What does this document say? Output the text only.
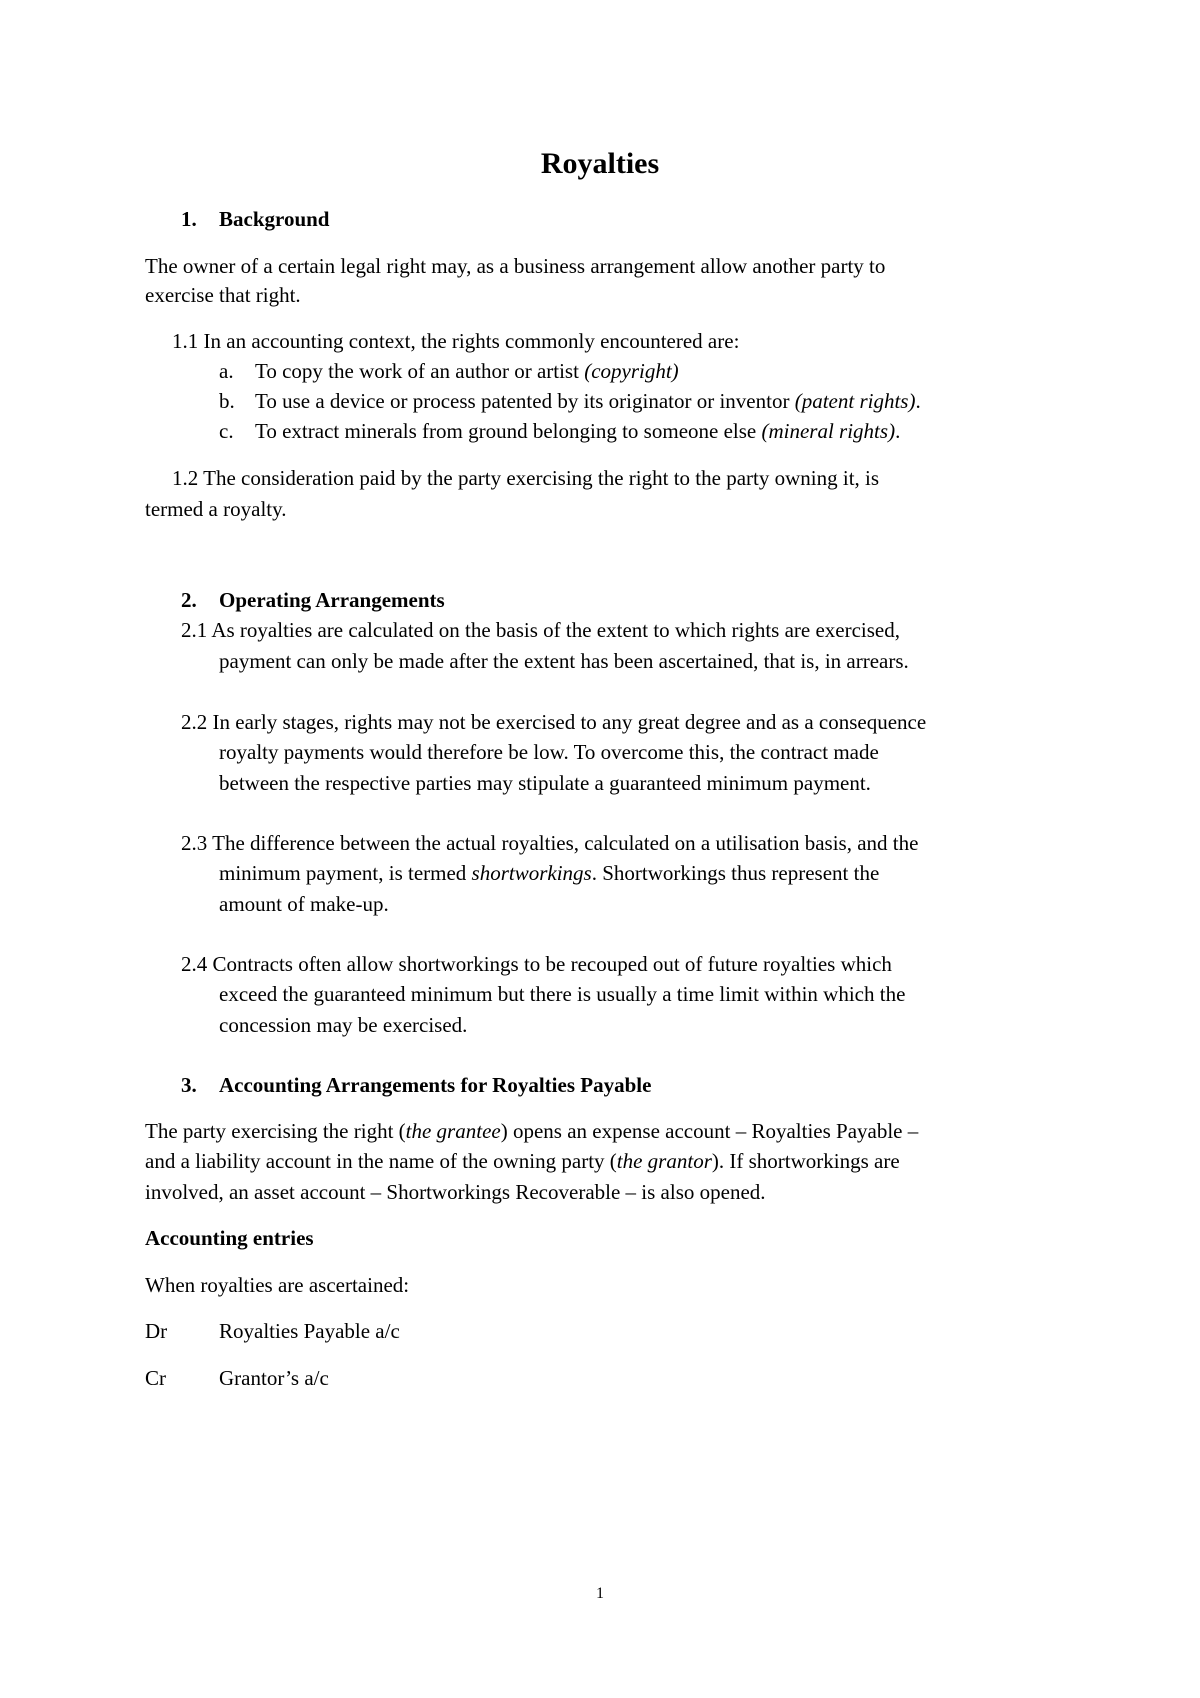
Royalties
1. Background
The owner of a certain legal right may, as a business arrangement allow another party to
exercise that right.
1.1 In an accounting context, the rights commonly encountered are:
a. To copy the work of an author or artist (copyright)
b. To use a device or process patented by its originator or inventor (patent rights).
c. To extract minerals from ground belonging to someone else (mineral rights).
1.2 The consideration paid by the party exercising the right to the party owning it, is
termed a royalty.
2. Operating Arrangements
2.1 As royalties are calculated on the basis of the extent to which rights are exercised,
payment can only be made after the extent has been ascertained, that is, in arrears.
2.2 In early stages, rights may not be exercised to any great degree and as a consequence
royalty payments would therefore be low. To overcome this, the contract made
between the respective parties may stipulate a guaranteed minimum payment.
2.3 The difference between the actual royalties, calculated on a utilisation basis, and the
minimum payment, is termed shortworkings. Shortworkings thus represent the
amount of make-up.
2.4 Contracts often allow shortworkings to be recouped out of future royalties which
exceed the guaranteed minimum but there is usually a time limit within which the
concession may be exercised.
3. Accounting Arrangements for Royalties Payable
The party exercising the right (the grantee) opens an expense account – Royalties Payable –
and a liability account in the name of the owning party (the grantor). If shortworkings are
involved, an asset account – Shortworkings Recoverable – is also opened.
Accounting entries
When royalties are ascertained:
Dr Royalties Payable a/c
Cr	Grantor’s a/c
1
